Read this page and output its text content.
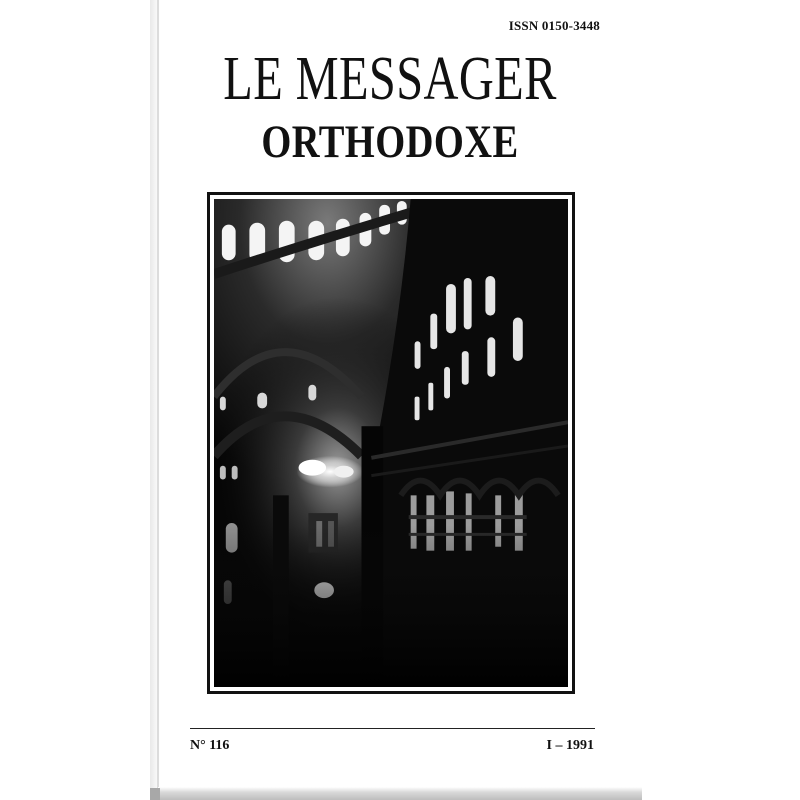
ISSN 0150-3448
LE MESSAGER
ORTHODOXE
N° 116	I – 1991
